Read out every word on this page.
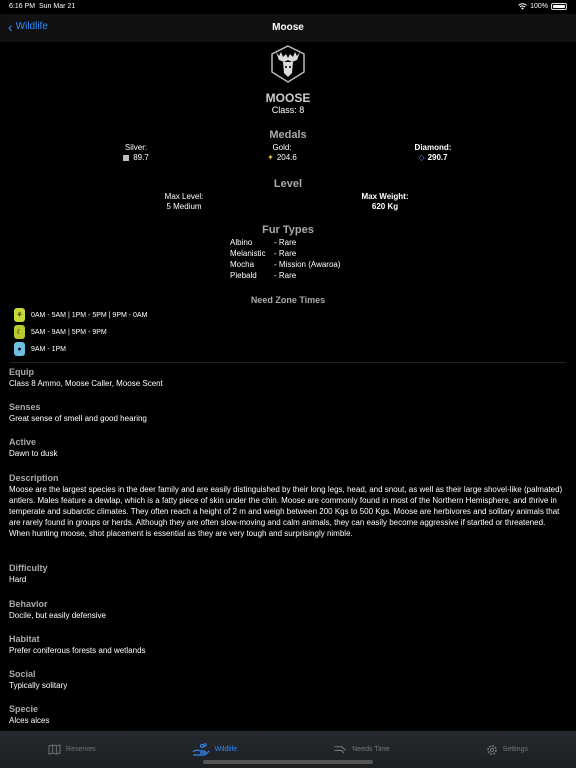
6:16 PM Sun Mar 21	100%
‹ Wildlife	Moose
MOOSE
Class: 8
Medals
Silver:
89.7
Gold:
✦ 204.6
Diamond:
◇ 290.7
Level
Max Level:
5 Medium
Max Weight:
620 Kg
Fur Types
Albino	- Rare
Melanistic	- Rare
Mocha	- Mission (Awaroa)
Piebald	- Rare
Need Zone Times
⚘	0AM - 5AM | 1PM - 5PM | 9PM - 0AM
☾	5AM - 9AM | 5PM - 9PM
●	9AM - 1PM
Equip
Class 8 Ammo, Moose Caller, Moose Scent
Senses
Great sense of smell and good hearing
Active
Dawn to dusk
Description
Moose are the largest species in the deer family and are easily distinguished by their long legs, head, and snout, as well as their large shovel-like (palmated) antlers. Males feature a dewlap, which is a fatty piece of skin under the chin. Moose are commonly found in most of the Northern Hemisphere, and thrive in temperate and subarctic climates. They often reach a height of 2 m and weigh between 200 Kgs to 500 Kgs. Moose are herbivores and solitary animals that are rarely found in groups or herds. Although they are often slow-moving and calm animals, they can easily become aggressive if startled or threatened. When hunting moose, shot placement is essential as they are very tough and surprisingly nimble.
Difficulty
Hard
Behavior
Docile, but easily defensive
Habitat
Prefer coniferous forests and wetlands
Social
Typically solitary
Specie
Alces alces
Reserves	Wildlife	Needs Time	Settings
